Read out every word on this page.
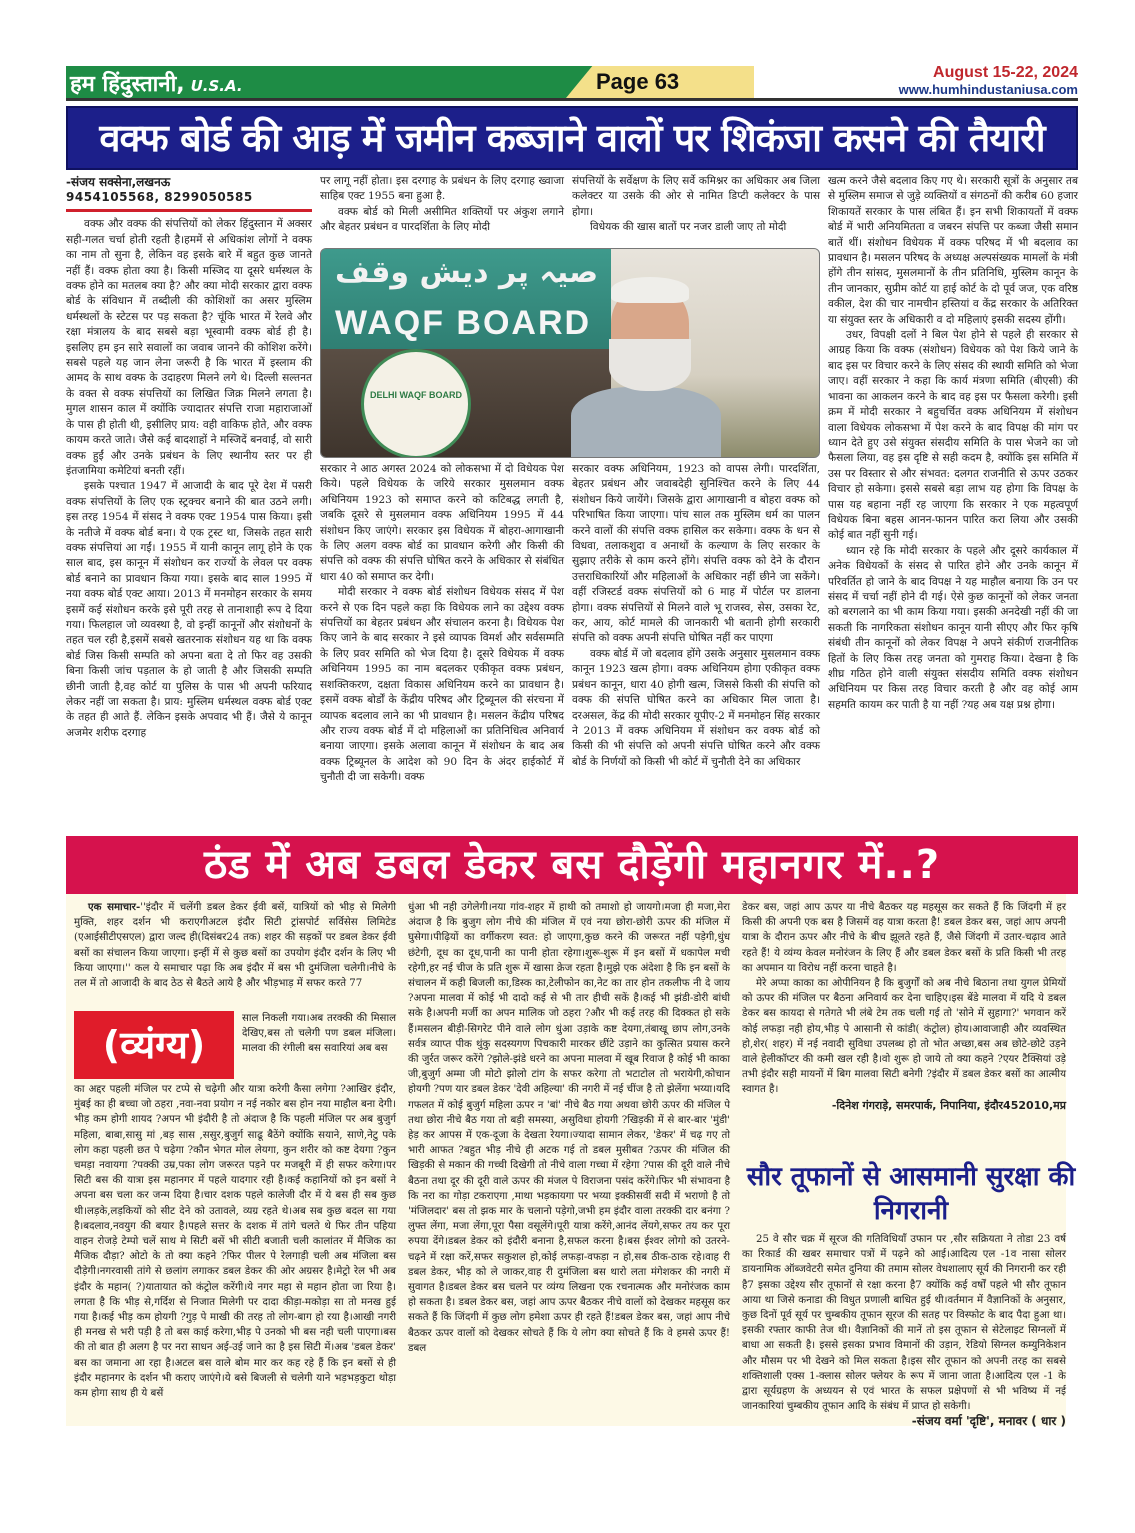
हम हिंदुस्तानी, U.S.A.	Page 63	August 15-22, 2024
www.humhindustaniusa.com
वक्फ बोर्ड की आड़ में जमीन कब्जाने वालों पर शिकंजा कसने की तैयारी
-संजय सक्सेना,लखनऊ
9454105568, 8299050585

वक्फ और वक्फ की संपत्तियों को लेकर हिंदुस्तान में अक्सर सही-गलत चर्चा होती रहती है।हममें से अधिकांश लोगों ने वक्फ का नाम तो सुना है, लेकिन वह इसके बारे में बहुत कुछ जानते नहीं हैं। वक्फ होता क्या है। किसी मस्जिद या दूसरे धर्मस्थल के वक्फ होने का मतलब क्या है? और क्या मोदी सरकार द्वारा वक्फ बोर्ड के संविधान में तब्दीली की कोशिशों का असर मुस्लिम धर्मस्थलों के स्टेटस पर पड़ सकता है? चूंकि भारत में रेलवे और रक्षा मंत्रालय के बाद सबसे बड़ा भूस्वामी वक्फ बोर्ड ही है। इसलिए हम इन सारे सवालों का जवाब जानने की कोशिश करेंगे। सबसे पहले यह जान लेना जरूरी है कि भारत में इस्लाम की आमद के साथ वक्फ के उदाहरण मिलने लगे थे। दिल्ली सल्तनत के वक्त से वक्फ संपत्तियों का लिखित जिक्र मिलने लगता है। मुगल शासन काल में क्योंकि ज्यादातर संपत्ति राजा महाराजाओं के पास ही होती थी, इसीलिए प्राय: वही वाकिफ होते, और वक्फ कायम करते जाते। जैसे कई बादशाहों ने मस्जिदें बनवाईं, वो सारी वक्फ हुईं और उनके प्रबंधन के लिए स्थानीय स्तर पर ही इंतजामिया कमेटियां बनती रहीं।

इसके पश्चात 1947 में आजादी के बाद पूरे देश में पसरी वक्फ संपत्तियों के लिए एक स्ट्रक्चर बनाने की बात उठने लगी। इस तरह 1954 में संसद ने वक्फ एक्ट 1954 पास किया। इसी के नतीजे में वक्फ बोर्ड बना। ये एक ट्रस्ट था, जिसके तहत सारी वक्फ संपत्तियां आ गईं। 1955 में यानी कानून लागू होने के एक साल बाद, इस कानून में संशोधन कर राज्यों के लेवल पर वक्फ बोर्ड बनाने का प्रावधान किया गया। इसके बाद साल 1995 में नया वक्फ बोर्ड एक्ट आया। 2013 में मनमोहन सरकार के समय इसमें कई संशोधन करके इसे पूरी तरह से तानाशाही रूप दे दिया गया। फिलहाल जो व्यवस्था है, वो इन्हीं कानूनों और संशोधनों के तहत चल रही है,इसमें सबसे खतरनाक संशोधन यह था कि वक्फ बोर्ड जिस किसी सम्पति को अपना बता दे तो फिर वह उसकी बिना किसी जांच पड़ताल के हो जाती है और जिसकी सम्पति छीनी जाती है,वह कोर्ट या पुलिस के पास भी अपनी फरियाद लेकर नहीं जा सकता है। प्राय: मुस्लिम धर्मस्थल वक्फ बोर्ड एक्ट के तहत ही आते हैं. लेकिन इसके अपवाद भी हैं। जैसे ये कानून अजमेर शरीफ दरगाह

पर लागू नहीं होता। इस दरगाह के प्रबंधन के लिए दरगाह ख्वाजा साहिब एक्ट 1955 बना हुआ है.

वक्फ बोर्ड को मिली असीमित शक्तियों पर अंकुश लगाने और बेहतर प्रबंधन व पारदर्शिता के लिए मोदी

संपत्तियों के सर्वेक्षण के लिए सर्वे कमिश्नर का अधिकार अब जिला कलेक्टर या उसके की ओर से नामित डिप्टी कलेक्टर के पास होगा।

विधेयक की खास बातों पर नजर डाली जाए तो मोदी

صیہ پر دیش وقف
WAQF BOARD
DELHI WAQF BOARD

सरकार ने आठ अगस्त 2024 को लोकसभा में दो विधेयक पेश किये। पहले विधेयक के जरिये सरकार मुसलमान वक्फ अधिनियम 1923 को समाप्त करने को कटिबद्ध लगती है, जबकि दूसरे से मुसलमान वक्फ अधिनियम 1995 में 44 संशोधन किए जाएंगे। सरकार इस विधेयक में बोहरा-आगाखानी के लिए अलग वक्फ बोर्ड का प्रावधान करेगी और किसी की संपत्ति को वक्फ की संपत्ति घोषित करने के अधिकार से संबंधित धारा 40 को समाप्त कर देगी।

मोदी सरकार ने वक्फ बोर्ड संशोधन विधेयक संसद में पेश करने से एक दिन पहले कहा कि विधेयक लाने का उद्देश्य वक्फ संपत्तियों का बेहतर प्रबंधन और संचालन करना है। विधेयक पेश किए जाने के बाद सरकार ने इसे व्यापक विमर्श और सर्वसम्मति के लिए प्रवर समिति को भेज दिया है। दूसरे विधेयक में वक्फ अधिनियम 1995 का नाम बदलकर एकीकृत वक्फ प्रबंधन, सशक्तिकरण, दक्षता विकास अधिनियम करने का प्रावधान है। इसमें वक्फ बोर्डों के केंद्रीय परिषद और ट्रिब्यूनल की संरचना में व्यापक बदलाव लाने का भी प्रावधान है। मसलन केंद्रीय परिषद और राज्य वक्फ बोर्ड में दो महिलाओं का प्रतिनिधित्व अनिवार्य बनाया जाएगा। इसके अलावा कानून में संशोधन के बाद अब वक्फ ट्रिब्यूनल के आदेश को 90 दिन के अंदर हाईकोर्ट में चुनौती दी जा सकेगी। वक्फ

सरकार वक्फ अधिनियम, 1923 को वापस लेगी। पारदर्शिता, बेहतर प्रबंधन और जवाबदेही सुनिश्चित करने के लिए 44 संशोधन किये जायेंगे। जिसके द्वारा आगाखानी व बोहरा वक्फ को परिभाषित किया जाएगा। पांच साल तक मुस्लिम धर्म का पालन करने वालों की संपत्ति वक्फ हासिल कर सकेगा। वक्फ के धन से विधवा, तलाकशुदा व अनाथों के कल्याण के लिए सरकार के सुझाए तरीके से काम करने होंगे। संपत्ति वक्फ को देने के दौरान उत्तराधिकारियों और महिलाओं के अधिकार नहीं छीने जा सकेंगे। वहीं रजिस्टर्ड वक्फ संपत्तियों को 6 माह में पोर्टल पर डालना होगा। वक्फ संपत्तियों से मिलने वाले भू राजस्व, सेस, उसका रेट, कर, आय, कोर्ट मामले की जानकारी भी बतानी होगी सरकारी संपत्ति को वक्फ अपनी संपत्ति घोषित नहीं कर पाएगा

वक्फ बोर्ड में जो बदलाव होंगे उसके अनुसार मुसलमान वक्फ कानून 1923 खत्म होगा। वक्फ अधिनियम होगा एकीकृत वक्फ प्रबंधन कानून, धारा 40 होगी खत्म, जिससे किसी की संपत्ति को वक्फ की संपत्ति घोषित करने का अधिकार मिल जाता है। दरअसल, केंद्र की मोदी सरकार यूपीए-2 में मनमोहन सिंह सरकार ने 2013 में वक्फ अधिनियम में संशोधन कर वक्फ बोर्ड को किसी की भी संपत्ति को अपनी संपत्ति घोषित करने और वक्फ बोर्ड के निर्णयों को किसी भी कोर्ट में चुनौती देने का अधिकार

खत्म करने जैसे बदलाव किए गए थे। सरकारी सूत्रों के अनुसार तब से मुस्लिम समाज से जुड़े व्यक्तियों व संगठनों की करीब 60 हजार शिकायतें सरकार के पास लंबित हैं। इन सभी शिकायतों में वक्फ बोर्ड में भारी अनियमितता व जबरन संपत्ति पर कब्जा जैसी समान बातें थीं। संशोधन विधेयक में वक्फ परिषद में भी बदलाव का प्रावधान है। मसलन परिषद के अध्यक्ष अल्पसंख्यक मामलों के मंत्री होंगे तीन सांसद, मुसलमानों के तीन प्रतिनिधि, मुस्लिम कानून के तीन जानकार, सुप्रीम कोर्ट या हाई कोर्ट के दो पूर्व जज, एक वरिष्ठ वकील, देश की चार नामचीन हस्तियां व केंद्र सरकार के अतिरिक्त या संयुक्त स्तर के अधिकारी व दो महिलाएं इसकी सदस्य होंगी।

उधर, विपक्षी दलों ने बिल पेश होने से पहले ही सरकार से आग्रह किया कि वक्फ (संशोधन) विधेयक को पेश किये जाने के बाद इस पर विचार करने के लिए संसद की स्थायी समिति को भेजा जाए। वहीं सरकार ने कहा कि कार्य मंत्रणा समिति (बीएसी) की भावना का आकलन करने के बाद वह इस पर फैसला करेगी। इसी क्रम में मोदी सरकार ने बहुचर्चित वक्फ अधिनियम में संशोधन वाला विधेयक लोकसभा में पेश करने के बाद विपक्ष की मांग पर ध्यान देते हुए उसे संयुक्त संसदीय समिति के पास भेजने का जो फैसला लिया, वह इस दृष्टि से सही कदम है, क्योंकि इस समिति में उस पर विस्तार से और संभवत: दलगत राजनीति से ऊपर उठकर विचार हो सकेगा। इससे सबसे बड़ा लाभ यह होगा कि विपक्ष के पास यह बहाना नहीं रह जाएगा कि सरकार ने एक महत्वपूर्ण विधेयक बिना बहस आनन-फानन पारित करा लिया और उसकी कोई बात नहीं सुनी गई।

ध्यान रहे कि मोदी सरकार के पहले और दूसरे कार्यकाल में अनेक विधेयकों के संसद से पारित होने और उनके कानून में परिवर्तित हो जाने के बाद विपक्ष ने यह माहौल बनाया कि उन पर संसद में चर्चा नहीं होने दी गई। ऐसे कुछ कानूनों को लेकर जनता को बरगलाने का भी काम किया गया। इसकी अनदेखी नहीं की जा सकती कि नागरिकता संशोधन कानून यानी सीएए और फिर कृषि संबंधी तीन कानूनों को लेकर विपक्ष ने अपने संकीर्ण राजनीतिक हितों के लिए किस तरह जनता को गुमराह किया। देखना है कि शीघ्र गठित होने वाली संयुक्त संसदीय समिति वक्फ संशोधन अधिनियम पर किस तरह विचार करती है और वह कोई आम सहमति कायम कर पाती है या नहीं ?यह अब यक्ष प्रश्न होगा।

ठंड में अब डबल डेकर बस दौड़ेंगी महानगर में..?

एक समाचार-''इंदौर में चलेंगी डबल डेकर ईवी बसें, यात्रियों को भीड़ से मिलेगी मुक्ति, शहर दर्शन भी कराएगीअटल इंदौर सिटी ट्रांसपोर्ट सर्विसेस लिमिटेड (एआईसीटीएसएल) द्वारा जल्द ही(दिसंबर24 तक) शहर की सड़कों पर डबल डेकर ईवी बसों का संचालन किया जाएगा। इन्हीं में से कुछ बसों का उपयोग इंदौर दर्शन के लिए भी किया जाएगा।'' कल ये समाचार पढ़ा कि अब इंदौर में बस भी दुमंजिला चलेगी।नीचे के तल में तो आजादी के बाद ठेठ से बैठते आये है और भीड़भाड़ में सफर करते 77

(व्यंग्य)

साल निकली गया।अब तरक्की की मिसाल देखिए,बस तो चलेगी पण डबल मंजिला।मालवा की रंगीली बस सवारियां अब बस

का अद्दर पहली मंजिल पर टप्पे से चढ़ेगी और यात्रा करेगी कैसा लगेगा ?आखिर इंदौर, मुंबई का ही बच्चा जो ठहरा ,नवा-नवा प्रयोग न नई नकोर बस होन नया माहौल बना देगी।भीड़ कम होगी शायद ?अपन भी इंदौरी है तो अंदाज है कि पहली मंजिल पर अब बुजुर्ग महिला, बाबा,सासु मां ,बड़ सास ,ससुर,बुजुर्ग साढू बैठेंगे क्योंकि सयाने, साणे,नेटु पके लोग कहा पहली छत पे चढ़ेगा ?कौन भेगत मोल लेयगा, कुन शरीर को कष्ट देयगा ?कुन चमड़ा नवायगा ?पक्की उम्र,पका लोग जरूरत पड़ने पर मजबूरी में ही सफर करेगा।पर सिटी बस की यात्रा इस महानगर में पहले यादगार रही है।कई कहानियों को इन बसों ने अपना बस चला कर जन्म दिया है।चार दशक पहले कालेजी दौर में ये बस ही सब कुछ थी।लड़के,लड़कियों को सीट देने को उतावले, व्यग्र रहते थे।अब सब कुछ बदल सा गया है।बदलाव,नवयुग की बयार है।पहले सत्तर के दशक में तांगे चलते थे फिर तीन पहिया वाहन रोजड़े टेम्पो चलें साथ मे सिटी बसें भी सीटी बजाती चली कालांतर में मैजिक का मैजिक दौड़ा? ओटो के तो क्या कहने ?फिर पीलर पे रेलगाड़ी चली अब मंजिला बस दौड़ेगी।नगरवासी तांगे से छलांग लगाकर डबल डेकर की ओर अग्रसर है।मेट्रो रेल भी अब इंदौर के महान( ?)यातायात को कंट्रोल करेंगी।ये नगर महा से महान होता जा रिया है।लगता है कि भीड़ से,गर्दिश से निजात मिलेगी पर दादा कीड़ा-मकोड़ा सा तो मनख हुई गया है।कई भीड़ कम होयगी ?गुड़ पे माखी की तरह तो लोग-बाग हो रया है।आखी नगरी ही मनख से भरी पड़ी है तो बस काई करेगा,भीड़ पे उनको भी बस नही चली पाएगा।बस की तो बात ही अलग है पर नरा साधन अई-उई जाने का है इस सिटी में।अब 'डबल डेकर' बस का जमाना आ रहा है।अटल बस वाले बोम मार कर कह रहे हैं कि इन बसों से ही इंदौर महानगर के दर्शन भी कराए जाएंगे।ये बसे बिजली से चलेगी याने भड़भड़कुटा थोड़ा कम होगा साथ ही ये बसें

धुंआ भी नही उगेलेगी।नया गांव-शहर में हाथी को तमाशो हो जायगो।मजा ही मजा,मेरा अंदाज है कि बुजुग लोग नीचे की मंजिल में एवं नया छोरा-छोरी ऊपर की मंजिल में घुसेगा।पीढ़ियों का वर्गीकरण स्वत: हो जाएगा,कुछ करने की जरूरत नहीं पड़ेगी,धुंध छंटेगी, दूध का दूध,पानी का पानी होता रहेगा।शुरू-शुरू में इन बसों में धकापेल मची रहेगी,हर नई चीज के प्रति शुरू में खासा क्रेज रहता है।मुझे एक अंदेशा है कि इन बसों के संचालन में कही बिजली का,डिस्क का,टेलीफोन का,नेट का तार होन तकलीफ नी दे जाय ?अपना मालवा में कोई भी दादो कई से भी तार हीची सकें है।कई भी झंडी-डोरी बांधी सके है।अपनी मर्जी का अपन मालिक जो ठहरा ?और भी कई तरह की दिक्कत हो सके हैं।मसलन बीड़ी-सिगरेट पीने वाले लोग धुंआ उड़ाके कष्ट देयगा,तंबाखू छाप लोग,उनके सर्वत्र व्याप्त पीक थुंकु सदस्यगण पिचकारी मारकर छींटे उड़ाने का कुत्सित प्रयास करने की जुर्रत जरूर करेंगे ?झोले-झंडे धरने का अपना मालवा में खूब रिवाज है कोई भी काका जी,बुजुर्ग अम्मा जी मोटो झोलो टांग के सफर करेगा तो भटाटोल तो भरायेगी,कोचान होयगी ?पण यार डबल डेकर 'देवी अहिल्या' की नगरी में नई चींज है तो झेलेंगा भय्या।यदि गफलत में कोई बुजुर्ग महिला ऊपर न 'बां' नीचे बैठ गया अथवा छोरी ऊपर की मंजिल पे तथा छोरा नीचे बैठ गया तो बड़ी समस्या, असुविधा होयगी ?खिड़की में से बार-बार 'मुंडी' हेड़ कर आपस में एक-दूजा के देखता रेयगा।ज्यादा सामान लेकर, 'डेकर' में चढ़ गए तो भारी आफत ?बहुत भीड़ नीचे ही अटक गई तो डबल मुसीबत ?ऊपर की मंजिल की खिड़की से मकान की गच्ची दिखेगी तो नीचे वाला गच्चा में रहेगा ?पास की दूरी वाले नीचे बैठना तथा दूर की दूरी वाले ऊपर की मंजल पे विराजना पसंद करेंगे।फिर भी संभावना है कि नरा का गोड़ा टकराएगा ,माथा भड़कायगा पर भय्या इक्कीसवीं सदी में भराणो है तो 'मंजिलदार' बस तो झक मार के चलानो पड़ेगो,जभी हम इंदौर वाला तरक्की दार बनंगा ?लुफ्त लेंगा, मजा लेंगा,पूरा पैसा वसूलेंगे।पूरी यात्रा करेंगे,आनंद लेंयगे,सफर तय कर पूरा रुपया देंगे।डबल डेकर को इंदौरी बनाना है,सफल करना है।बस ईश्वर लोगो को उतरने-चढ़ने में रक्षा करें,सफर सकुशल हो,कोई लफड़ा-वफड़ा न हो,सब ठीक-ठाक रहे।वाह री डबल डेकर, भीड़ को ले जाकर,वाह री दुमंजिला बस थारो लता मंगेशकर की नगरी में सुवागत है।डबल डेकर बस चलने पर व्यंग्य लिखना एक रचनात्मक और मनोरंजक काम हो सकता है। डबल डेकर बस, जहां आप ऊपर बैठकर नीचे वालों को देखकर महसूस कर सकते हैं कि जिंदगी में कुछ लोग हमेशा ऊपर ही रहते हैं!डबल डेकर बस, जहां आप नीचे बैठकर ऊपर वालों को देखकर सोचते हैं कि ये लोग क्या सोचते हैं कि वे हमसे ऊपर हैं! डबल

डेकर बस, जहां आप ऊपर या नीचे बैठकर यह महसूस कर सकते हैं कि जिंदगी में हर किसी की अपनी एक बस है जिसमें वह यात्रा करता है! डबल डेकर बस, जहां आप अपनी यात्रा के दौरान ऊपर और नीचे के बीच झूलते रहते हैं, जैसे जिंदगी में उतार-चढ़ाव आते रहते हैं! ये व्यंग्य केवल मनोरंजन के लिए हैं और डबल डेकर बसों के प्रति किसी भी तरह का अपमान या विरोध नहीं करना चाहते है।

मेरे अप्पा काका का ओपीनियन है कि बुजुर्गों को अब नीचे बिठाना तथा युगल प्रेमियों को ऊपर की मंजिल पर बैठना अनिवार्य कर देना चाहिए।इस बेंडे मालवा में यदि ये डबल डेकर बस कायदा से गतेगते भी लंबे टेम तक चली गई तो 'सोने में सुहागा?' भगवान करें कोई लफड़ा नही होय,भीड़ पे आसानी से कांडी( कंट्रोल) होय।आवाजाही और व्यवस्थित हो,शेर( शहर) में नई नवादी सुविधा उपलब्ध हो तो भोत अच्छा,बस अब छोटे-छोटे उड़ने वाले हेलीकॉप्टर की कमी खल रही है।वो शुरू हो जाये तो क्या कहने ?एयर टैक्सियां उड़े तभी इंदौर सही मायनों में बिग मालवा सिटी बनेगी ?इंदौर में डबल डेकर बसों का आत्मीय स्वागत है।

-दिनेश गंगराड़े, समरपार्क, निपानिया, इंदौर452010,मप्र
सौर तूफानों से आसमानी सुरक्षा की निगरानी

25 वे सौर चक्र में सूरज की गतिविधियाँ उफान पर ,सौर सक्रियता ने तोडा 23 वर्ष का रिकार्ड की खबर समाचार पत्रों में पढ़ने को आई।आदित्य एल -1व नासा सोलर डायनामिक ऑब्जवेटरी समेत दुनिया की तमाम सोलर वेधशालाए सूर्य की निगरानी कर रही है7 इसका उद्देश्य सौर तूफानों से रक्षा करना है7 क्योंकि कई वर्षों पहले भी सौर तूफान आया था जिसे कनाडा की विधुत प्रणाली बाधित हुई थी।वर्तमान में वैज्ञानिकों के अनुसार, कुछ दिनों पूर्व सूर्य पर चुम्बकीय तूफान सूरज की सतह पर विस्फोट के बाद पैदा हुआ था। इसकी रफ्तार काफी तेज थी। वैज्ञानिकों की मानें तो इस तूफान से सेटेलाइट सिग्नलों में बाधा आ सकती है। इससे इसका प्रभाव विमानों की उड़ान, रेडियो सिग्नल कम्युनिकेशन और मौसम पर भी देखने को मिल सकता है।इस सौर तूफान को अपनी तरह का सबसे शक्तिशाली एक्स 1-क्लास सोलर फ्लेयर के रूप में जाना जाता है।आदित्य एल -1 के द्वारा सूर्यग्रहण के अध्ययन से एवं भारत के सफल प्रक्षेपणों से भी भविष्य में नई जानकारियां चुम्बकीय तूफान आदि के संबंध में प्राप्त हो सकेगी।

-संजय वर्मा 'दृष्टि', मनावर ( धार )
